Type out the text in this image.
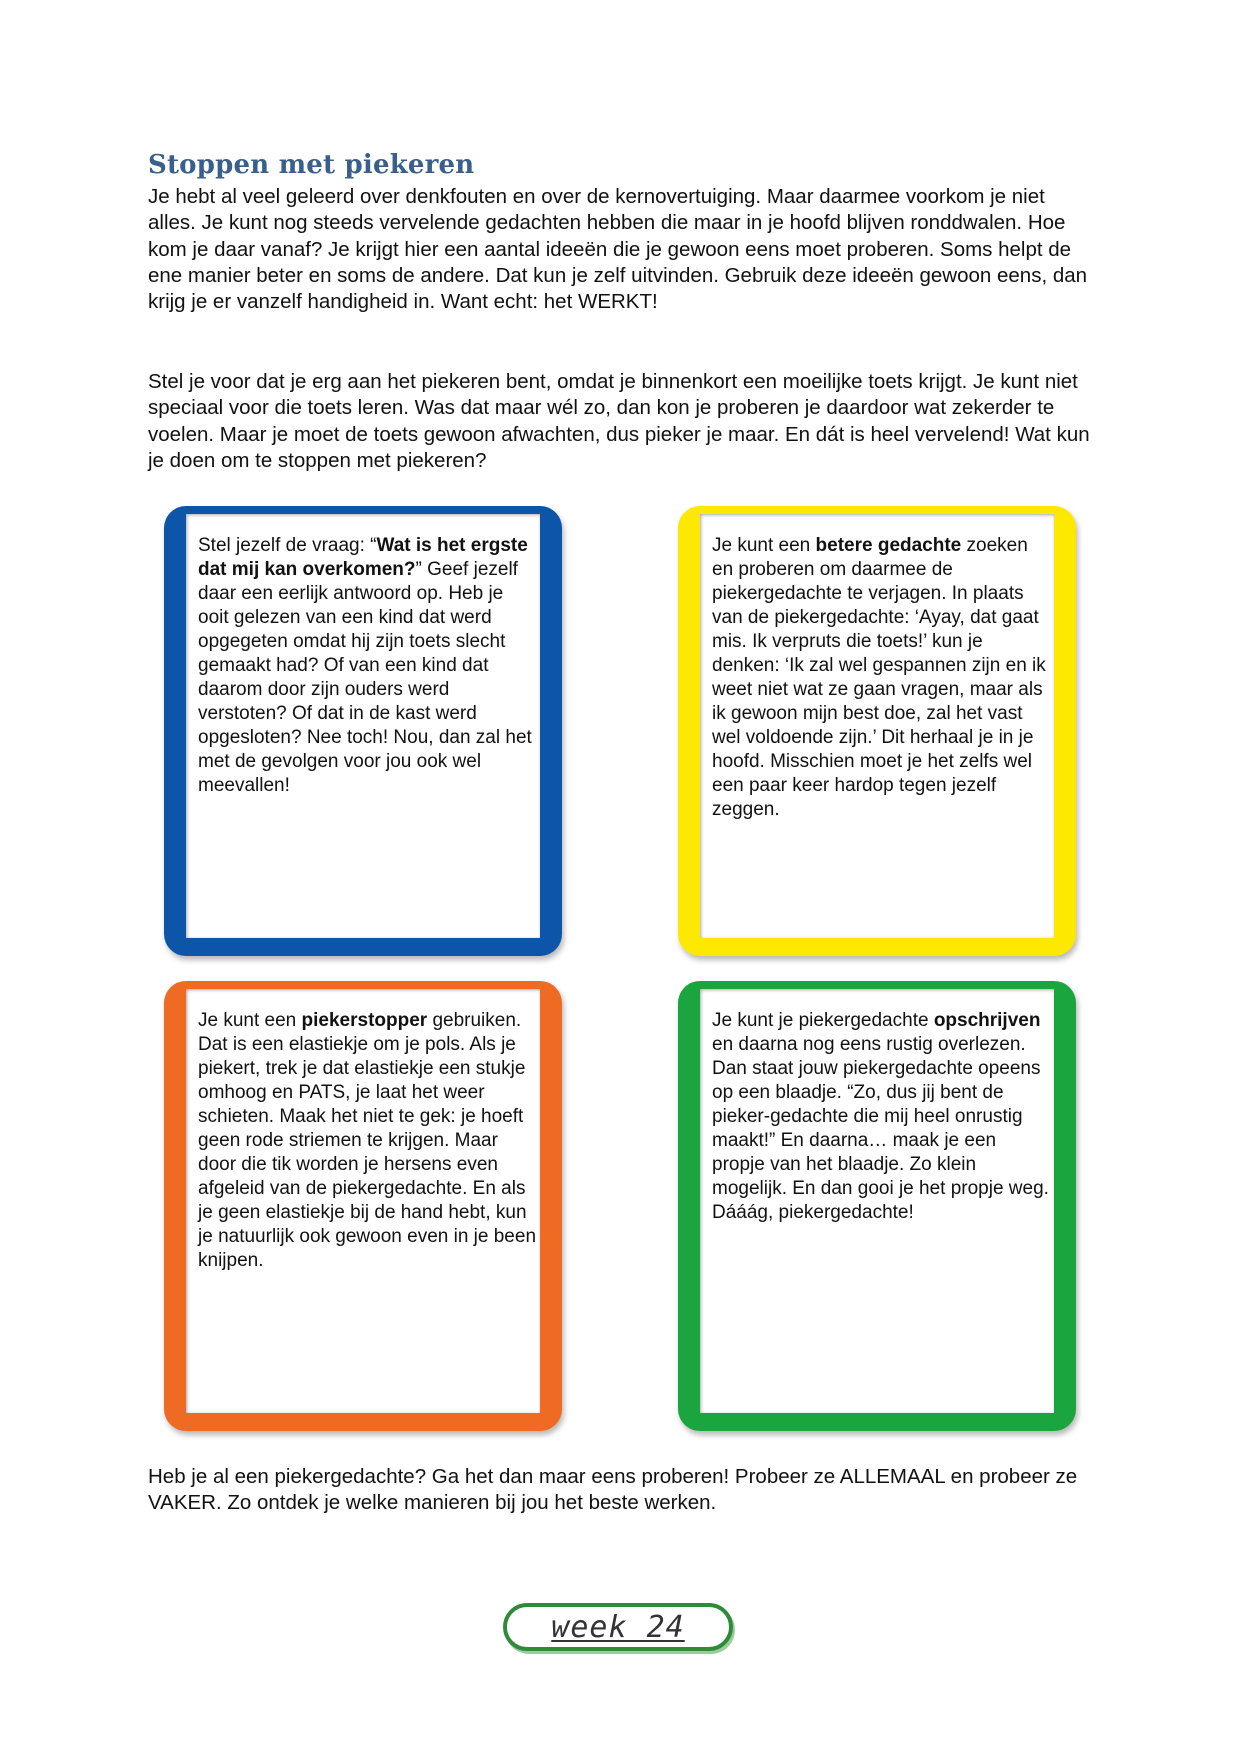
Stoppen met piekeren

Je hebt al veel geleerd over denkfouten en over de kernovertuiging. Maar daarmee voorkom je niet alles. Je kunt nog steeds vervelende gedachten hebben die maar in je hoofd blijven ronddwalen. Hoe kom je daar vanaf? Je krijgt hier een aantal ideeën die je gewoon eens moet proberen. Soms helpt de ene manier beter en soms de andere. Dat kun je zelf uitvinden. Gebruik deze ideeën gewoon eens, dan krijg je er vanzelf handigheid in. Want echt: het WERKT!

Stel je voor dat je erg aan het piekeren bent, omdat je binnenkort een moeilijke toets krijgt. Je kunt niet speciaal voor die toets leren. Was dat maar wél zo, dan kon je proberen je daardoor wat zekerder te voelen. Maar je moet de toets gewoon afwachten, dus pieker je maar. En dát is heel vervelend! Wat kun je doen om te stoppen met piekeren?

Stel jezelf de vraag: “Wat is het ergste dat mij kan overkomen?” Geef jezelf daar een eerlijk antwoord op. Heb je ooit gelezen van een kind dat werd opgegeten omdat hij zijn toets slecht gemaakt had? Of van een kind dat daarom door zijn ouders werd verstoten? Of dat in de kast werd opgesloten? Nee toch! Nou, dan zal het met de gevolgen voor jou ook wel meevallen!

Je kunt een betere gedachte zoeken en proberen om daarmee de piekergedachte te verjagen. In plaats van de piekergedachte: ‘Ayay, dat gaat mis. Ik verpruts die toets!’ kun je denken: ‘Ik zal wel gespannen zijn en ik weet niet wat ze gaan vragen, maar als ik gewoon mijn best doe, zal het vast wel voldoende zijn.’ Dit herhaal je in je hoofd. Misschien moet je het zelfs wel een paar keer hardop tegen jezelf zeggen.

Je kunt een piekerstopper gebruiken. Dat is een elastiekje om je pols. Als je piekert, trek je dat elastiekje een stukje omhoog en PATS, je laat het weer schieten. Maak het niet te gek: je hoeft geen rode striemen te krijgen. Maar door die tik worden je hersens even afgeleid van de piekergedachte. En als je geen elastiekje bij de hand hebt, kun je natuurlijk ook gewoon even in je been knijpen.

Je kunt je piekergedachte opschrijven en daarna nog eens rustig overlezen. Dan staat jouw piekergedachte opeens op een blaadje. “Zo, dus jij bent de pieker-gedachte die mij heel onrustig maakt!” En daarna… maak je een propje van het blaadje. Zo klein mogelijk. En dan gooi je het propje weg. Dááág, piekergedachte!

Heb je al een piekergedachte? Ga het dan maar eens proberen! Probeer ze ALLEMAAL en probeer ze VAKER. Zo ontdek je welke manieren bij jou het beste werken.

week 24
